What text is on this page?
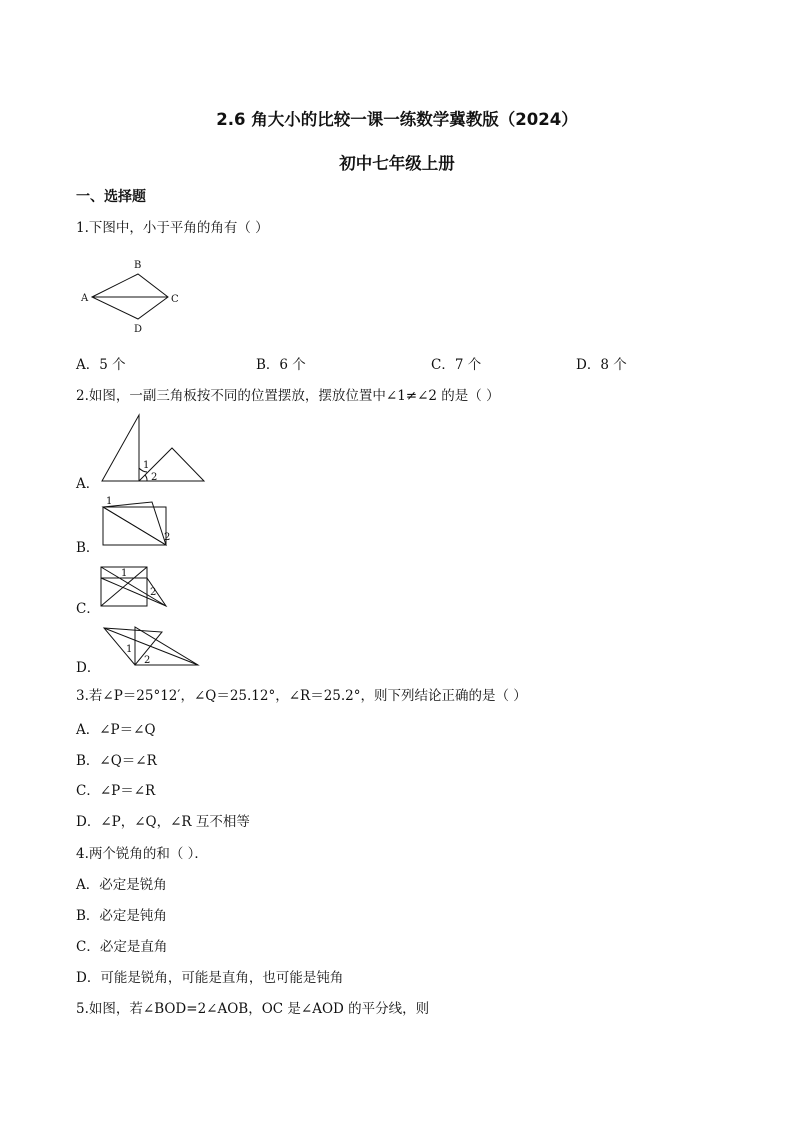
2.6 角大小的比较一课一练数学冀教版（2024）
初中七年级上册
一、选择题
1.下图中，小于平角的角有（ ）
B
A	C
D
A．5 个	B．6 个	C．7 个	D．8 个
2.如图，一副三角板按不同的位置摆放，摆放位置中∠1≠∠2 的是（ ）
A．
B．
C．
D．
1
2
1
2
1
2
1
2
3.若∠P＝25°12′，∠Q＝25.12°，∠R＝25.2°，则下列结论正确的是（ ）
A．∠P＝∠Q
B．∠Q＝∠R
C．∠P＝∠R
D．∠P，∠Q，∠R 互不相等
4.两个锐角的和（ ）．
A．必定是锐角
B．必定是钝角
C．必定是直角
D．可能是锐角，可能是直角，也可能是钝角
5.如图，若∠BOD=2∠AOB，OC 是∠AOD 的平分线，则
